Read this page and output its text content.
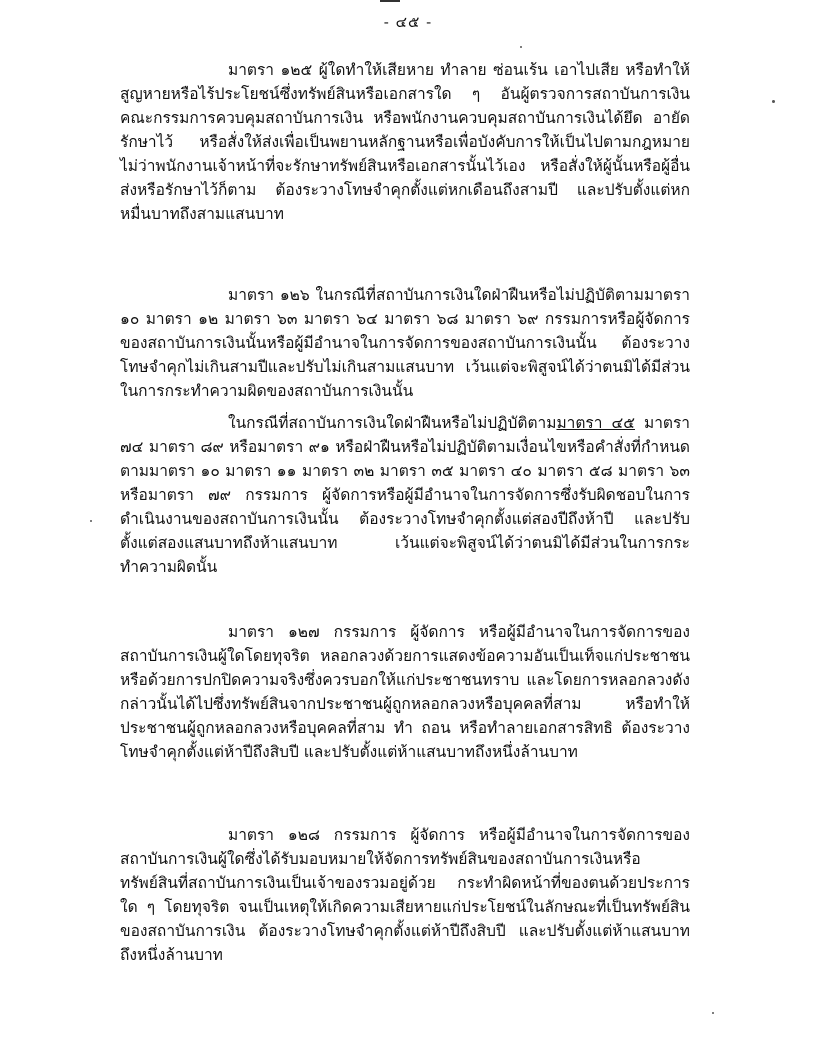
- ๔๕ -

มาตรา ๑๒๕ ผู้ใดทำให้เสียหาย ทำลาย ซ่อนเร้น เอาไปเสีย หรือทำให้สูญหายหรือไร้ประโยชน์ซึ่งทรัพย์สินหรือเอกสารใด ๆ อันผู้ตรวจการสถาบันการเงิน คณะกรรมการควบคุมสถาบันการเงิน หรือพนักงานควบคุมสถาบันการเงินได้ยึด อายัด รักษาไว้ หรือสั่งให้ส่งเพื่อเป็นพยานหลักฐานหรือเพื่อบังคับการให้เป็นไปตามกฎหมาย ไม่ว่าพนักงานเจ้าหน้าที่จะรักษาทรัพย์สินหรือเอกสารนั้นไว้เอง หรือสั่งให้ผู้นั้นหรือผู้อื่นส่งหรือรักษาไว้ก็ตาม ต้องระวางโทษจำคุกตั้งแต่หกเดือนถึงสามปี และปรับตั้งแต่หกหมื่นบาทถึงสามแสนบาท

มาตรา ๑๒๖ ในกรณีที่สถาบันการเงินใดฝ่าฝืนหรือไม่ปฏิบัติตามมาตรา ๑๐ มาตรา ๑๒ มาตรา ๖๓ มาตรา ๖๔ มาตรา ๖๘ มาตรา ๖๙ กรรมการหรือผู้จัดการของสถาบันการเงินนั้นหรือผู้มีอำนาจในการจัดการของสถาบันการเงินนั้น ต้องระวางโทษจำคุกไม่เกินสามปีและปรับไม่เกินสามแสนบาท เว้นแต่จะพิสูจน์ได้ว่าตนมิได้มีส่วนในการกระทำความผิดของสถาบันการเงินนั้น

ในกรณีที่สถาบันการเงินใดฝ่าฝืนหรือไม่ปฏิบัติตามมาตรา ๔๕ มาตรา ๗๔ มาตรา ๘๙ หรือมาตรา ๙๑ หรือฝ่าฝืนหรือไม่ปฏิบัติตามเงื่อนไขหรือคำสั่งที่กำหนดตามมาตรา ๑๐ มาตรา ๑๑ มาตรา ๓๒ มาตรา ๓๕ มาตรา ๔๐ มาตรา ๕๘ มาตรา ๖๓ หรือมาตรา ๗๙ กรรมการ ผู้จัดการหรือผู้มีอำนาจในการจัดการซึ่งรับผิดชอบในการดำเนินงานของสถาบันการเงินนั้น ต้องระวางโทษจำคุกตั้งแต่สองปีถึงห้าปี และปรับตั้งแต่สองแสนบาทถึงห้าแสนบาท เว้นแต่จะพิสูจน์ได้ว่าตนมิได้มีส่วนในการกระทำความผิดนั้น

มาตรา ๑๒๗ กรรมการ ผู้จัดการ หรือผู้มีอำนาจในการจัดการของสถาบันการเงินผู้ใดโดยทุจริต หลอกลวงด้วยการแสดงข้อความอันเป็นเท็จแก่ประชาชน หรือด้วยการปกปิดความจริงซึ่งควรบอกให้แก่ประชาชนทราบ และโดยการหลอกลวงดังกล่าวนั้นได้ไปซึ่งทรัพย์สินจากประชาชนผู้ถูกหลอกลวงหรือบุคคลที่สาม หรือทำให้ประชาชนผู้ถูกหลอกลวงหรือบุคคลที่สาม ทำ ถอน หรือทำลายเอกสารสิทธิ ต้องระวางโทษจำคุกตั้งแต่ห้าปีถึงสิบปี และปรับตั้งแต่ห้าแสนบาทถึงหนึ่งล้านบาท

มาตรา ๑๒๘ กรรมการ ผู้จัดการ หรือผู้มีอำนาจในการจัดการของสถาบันการเงินผู้ใดซึ่งได้รับมอบหมายให้จัดการทรัพย์สินของสถาบันการเงินหรือทรัพย์สินที่สถาบันการเงินเป็นเจ้าของรวมอยู่ด้วย กระทำผิดหน้าที่ของตนด้วยประการใด ๆ โดยทุจริต จนเป็นเหตุให้เกิดความเสียหายแก่ประโยชน์ในลักษณะที่เป็นทรัพย์สินของสถาบันการเงิน ต้องระวางโทษจำคุกตั้งแต่ห้าปีถึงสิบปี และปรับตั้งแต่ห้าแสนบาทถึงหนึ่งล้านบาท
